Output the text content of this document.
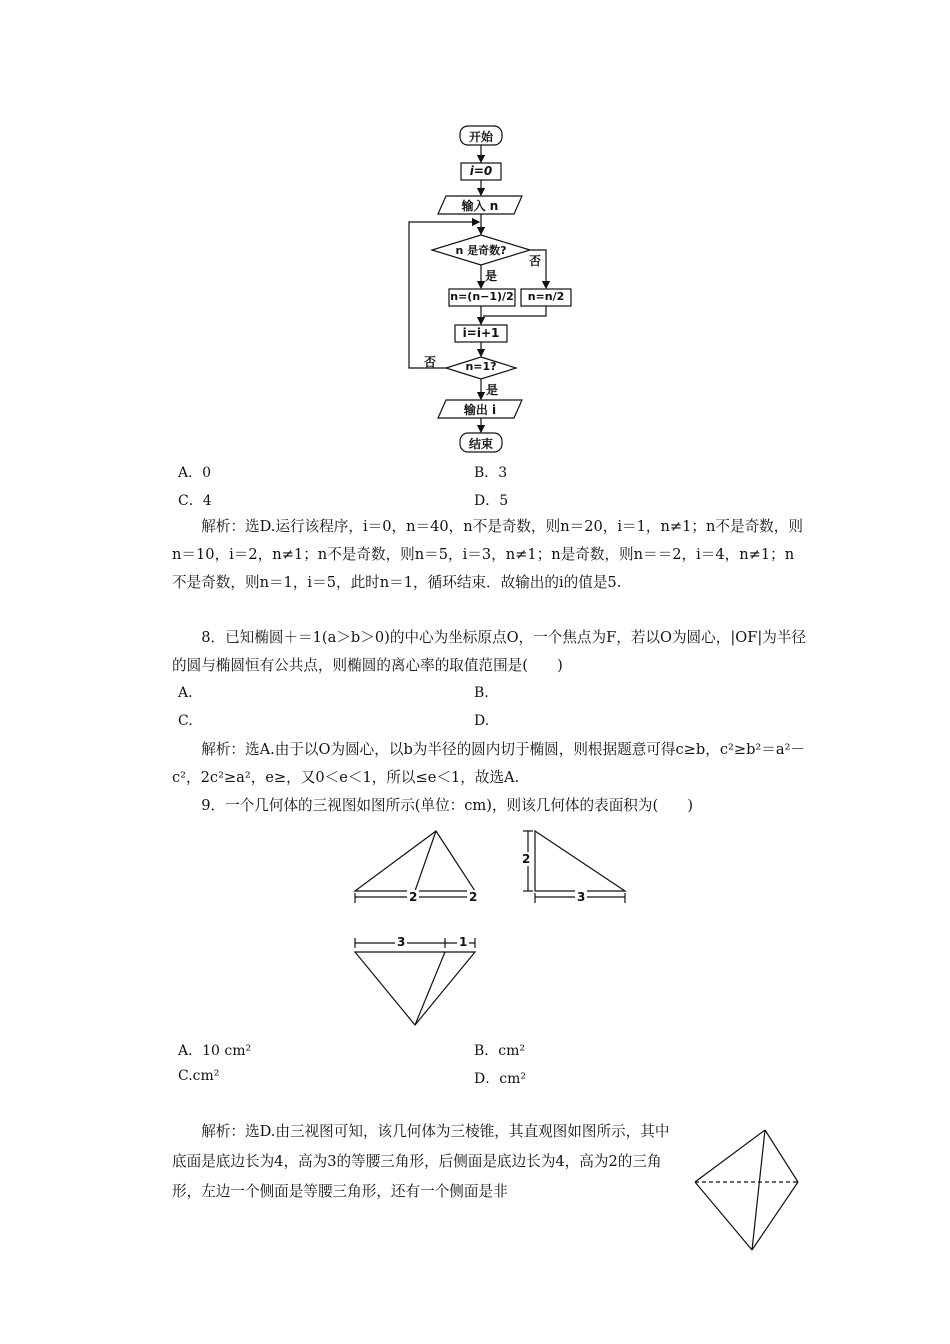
开始
i=0
输入 n
n 是奇数?
否
是
n=(n−1)/2	n=n/2
i=i+1
否	n=1?
是
输出 i
结束
A．0	B．3
C．4	D．5
解析：选D.运行该程序，i＝0，n＝40，n不是奇数，则n＝20，i＝1，n≠1；n不是奇数，则n＝10，i＝2，n≠1；n不是奇数，则n＝5，i＝3，n≠1；n是奇数，则n＝＝2，i＝4，n≠1；n不是奇数，则n＝1，i＝5，此时n＝1，循环结束．故输出的i的值是5.
8．已知椭圆＋＝1(a＞b＞0)的中心为坐标原点O，一个焦点为F，若以O为圆心，|OF|为半径的圆与椭圆恒有公共点，则椭圆的离心率的取值范围是(　　)
A.	B.
C.	D.
解析：选A.由于以O为圆心，以b为半径的圆内切于椭圆，则根据题意可得c≥b，c²≥b²＝a²－c²，2c²≥a²，e≥，又0＜e＜1，所以≤e＜1，故选A.
9．一个几何体的三视图如图所示(单位：cm)，则该几何体的表面积为(　　)
2	2
2
3
3	1
A．10 cm²	B．cm²
C.cm²	D．cm²
解析：选D.由三视图可知，该几何体为三棱锥，其直观图如图所示，其中底面是底边长为4，高为3的等腰三角形，后侧面是底边长为4，高为2的三角形，左边一个侧面是等腰三角形，还有一个侧面是非
